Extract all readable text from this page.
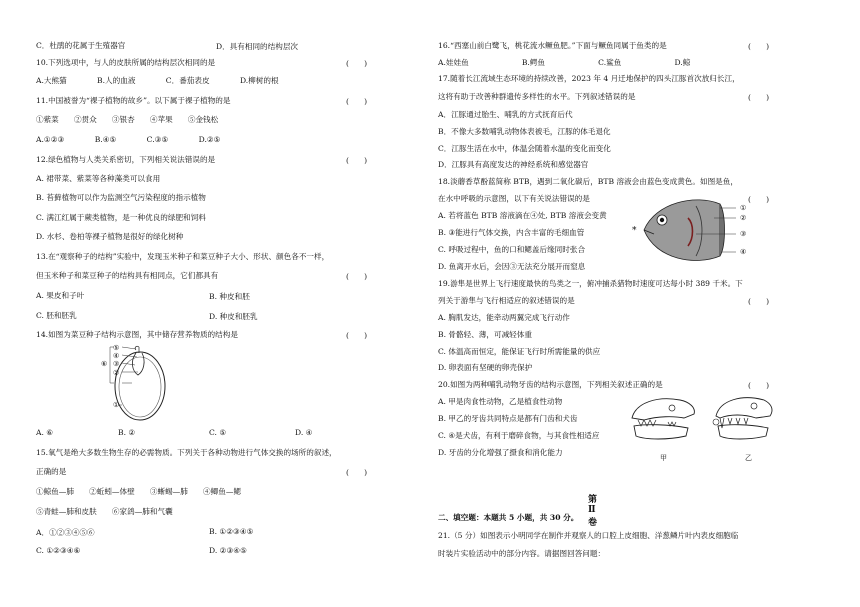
C．杜鹃的花属于生殖器官	D．具有相同的结构层次
10.下列选项中，与人的皮肤所属的结构层次相同的是	(　　)
A.大熊猫　　　　B.人的血液　　　　C．番茄表皮　　　　D.柳树的根
11.中国被誉为“裸子植物的故乡”。以下属于裸子植物的是	(　　)
①紫菜　　②贯众　　③银杏　　④苹果　　⑤金钱松
A.①②③　　　　B.④⑤　　　　C.③⑤　　　　D.②⑤
12.绿色植物与人类关系密切，下列相关说法错误的是	(　　)
A. 裙带菜、紫菜等各种藻类可以食用
B. 苔藓植物可以作为监测空气污染程度的指示植物
C. 满江红属于蕨类植物，是一种优良的绿肥和饲料
D. 水杉、卷柏等裸子植物是很好的绿化树种
13.在“观察种子的结构”实验中，发现玉米种子和菜豆种子大小、形状、颜色各不一样，
但玉米种子和菜豆种子的结构具有相同点，它们都具有	(　　)
A. 果皮和子叶	B. 种皮和胚
C. 胚和胚乳	D. 种皮和胚乳
14.如图为菜豆种子结构示意图，其中储存营养物质的结构是	(　　)
⑤
④
③
②
⑥
①
A. ⑥	B. ②	C. ⑤	D. ④
15.氧气是绝大多数生物生存的必需物质。下列关于各种动物进行气体交换的场所的叙述，
正确的是	(　　)
①鲸鱼—肺　　②蚯蚓—体壁　　③蜥蜴—肺　　④鲫鱼—鳃
⑤青蛙—肺和皮肤　　⑥家鸽—肺和气囊
A．①②③④⑤⑥	B. ①②③④⑤
C. ①②③④⑥	D. ②③④⑤
16.“西塞山前白鹭飞，桃花流水鳜鱼肥。”下面与鳜鱼同属于鱼类的是	(　　)
A.娃娃鱼　　　　　　　B.鳄鱼　　　　　　　C.鲨鱼　　　　　　　D.鲸
17.随着长江流域生态环境的持续改善，2023 年 4 月迁地保护的四头江豚首次放归长江，
这将有助于改善种群遗传多样性的水平。下列叙述错误的是	(　　)
A．江豚通过胎生、哺乳的方式抚育后代
B．不像大多数哺乳动物体表被毛，江豚的体毛退化
C．江豚生活在水中，体温会随着水温的变化而变化
D．江豚具有高度发达的神经系统和感觉器官
18.淡蘑香草酚蓝简称 BTB，遇到二氧化碳后，BTB 溶液会由蓝色变成黄色。如图是鱼，
在水中呼吸的示意图，以下有关说法错误的是	(　　)
A. 若将蓝色 BTB 溶液滴在④处, BTB 溶液会变黄
B. ③能进行气体交换，内含丰富的毛细血管
C. 呼吸过程中，鱼的口和鳃盖后缘同时张合
D. 鱼离开水后，会因③无法充分展开而窒息
①
②
③
④
*
19.游隼是世界上飞行速度最快的鸟类之一，俯冲捕杀猎物时速度可达每小时 389 千米。下
列关于游隼与飞行相适应的叙述错误的是	(　　)
A. 胸肌发达，能牵动两翼完成飞行动作
B. 骨骼轻、薄，可减轻体重
C. 体温高而恒定，能保证飞行时所需能量的供应
D. 卵表面有坚硬的卵壳保护
20.如图为两种哺乳动物牙齿的结构示意图，下列相关叙述正确的是	(　　)
A. 甲是肉食性动物，乙是植食性动物
B. 甲乙的牙齿共同特点是都有门齿和犬齿
C. ④是犬齿，有利于磨碎食物，与其食性相适应
D. 牙齿的分化增强了摄食和消化能力
甲	乙
第Ⅱ卷
二、填空题：本题共 5 小题，共 30 分。
21.（5 分）如图表示小明同学在制作并观察人的口腔上皮细胞、洋葱鳞片叶内表皮细胞临
时装片实验活动中的部分内容。请据图回答问题：
